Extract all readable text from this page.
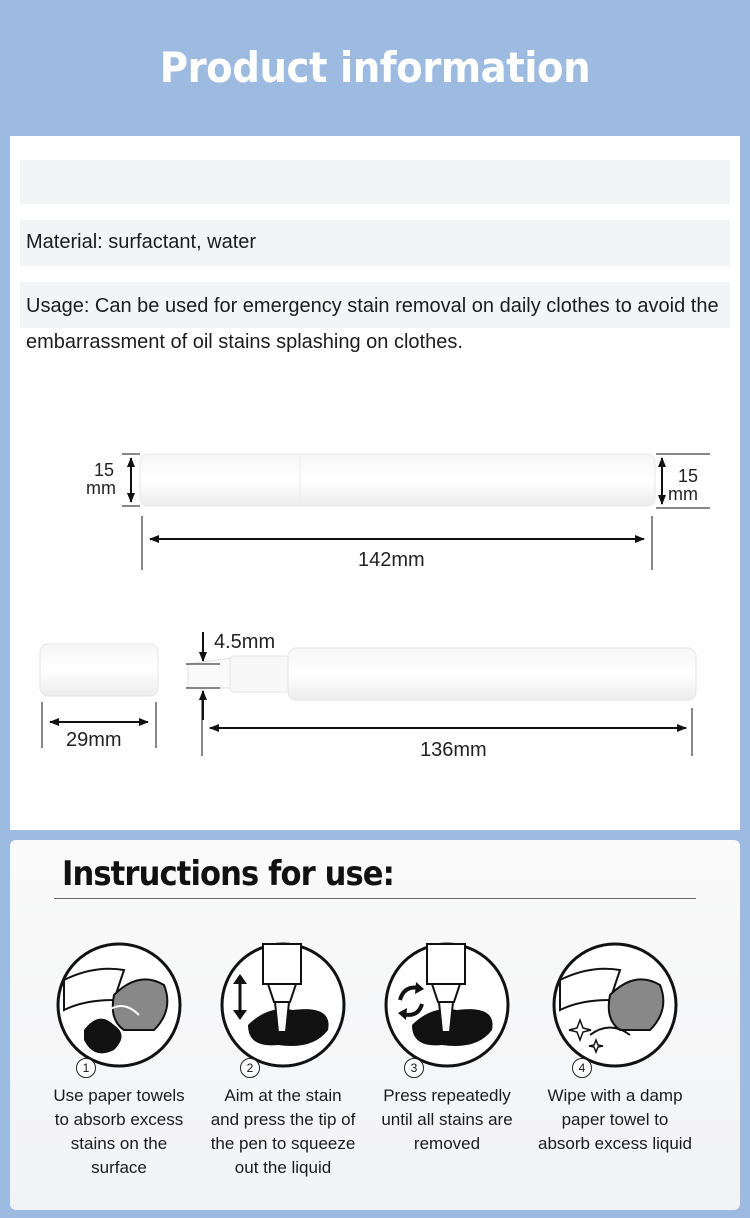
Product information
Material: surfactant, water
Usage: Can be used for emergency stain removal on daily clothes to avoid the embarrassment of oil stains splashing on clothes.
15
mm
15
mm
142mm
29mm
4.5mm
136mm
Instructions for use:
1
Use paper towels
to absorb excess
stains on the
surface
2
Aim at the stain
and press the tip of
the pen to squeeze
out the liquid
3
Press repeatedly
until all stains are
removed
4
Wipe with a damp
paper towel to
absorb excess liquid
